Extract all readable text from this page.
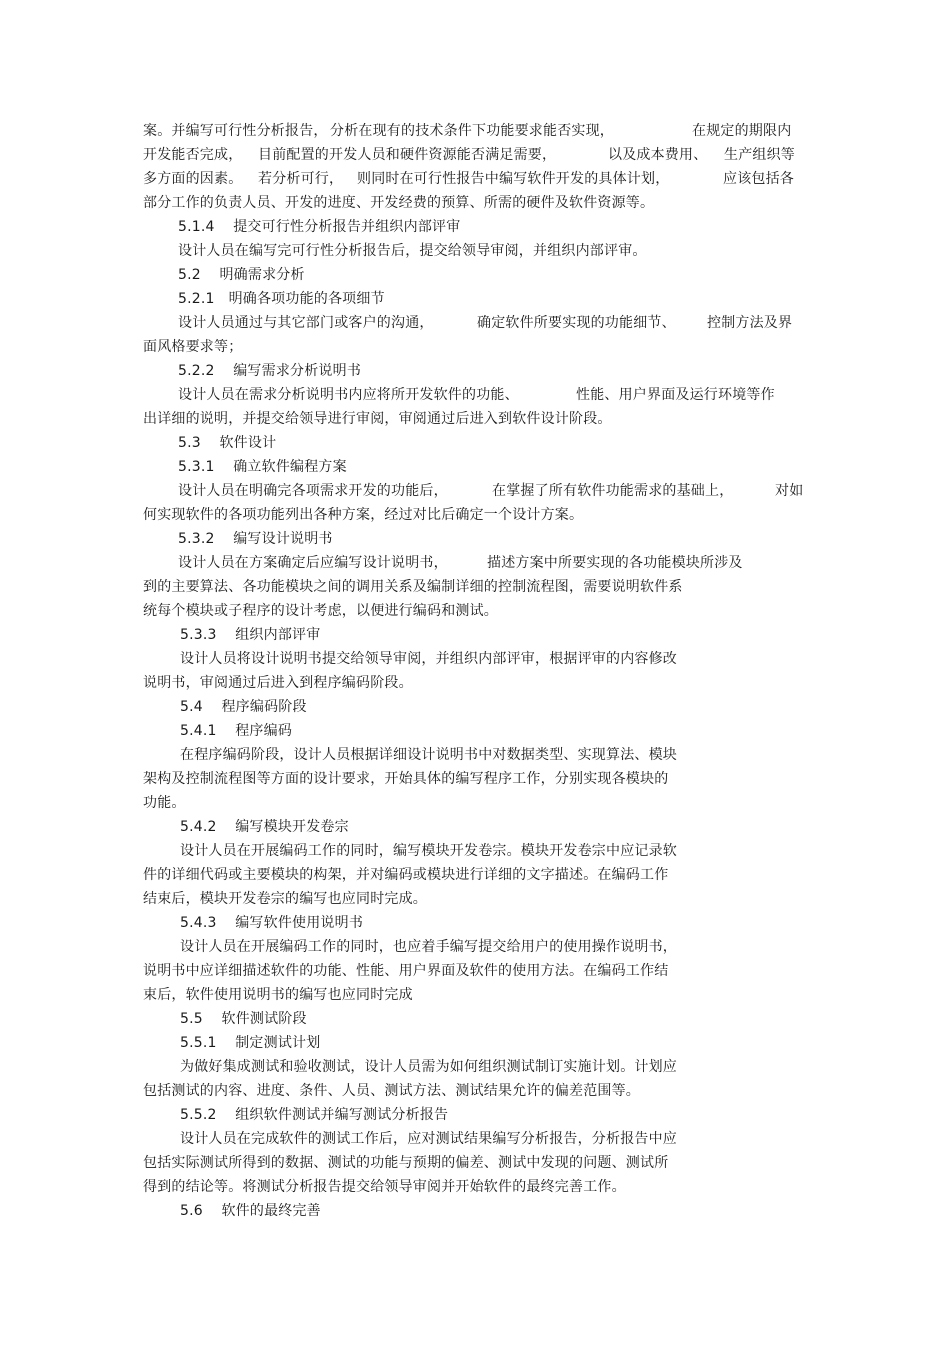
案。并编写可行性分析报告， 分析在现有的技术条件下功能要求能否实现，	在规定的期限内
开发能否完成， 目前配置的开发人员和硬件资源能否满足需要，	以及成本费用、 生产组织等
多方面的因素。 若分析可行， 则同时在可行性报告中编写软件开发的具体计划，	应该包括各
部分工作的负责人员、开发的进度、开发经费的预算、所需的硬件及软件资源等。
5.1.4    提交可行性分析报告并组织内部评审
设计人员在编写完可行性分析报告后，提交给领导审阅，并组织内部评审。
5.2    明确需求分析
5.2.1   明确各项功能的各项细节
设计人员通过与其它部门或客户的沟通，	确定软件所要实现的功能细节、 控制方法及界
面风格要求等；
5.2.2    编写需求分析说明书
设计人员在需求分析说明书内应将所开发软件的功能、	性能、用户界面及运行环境等作
出详细的说明，并提交给领导进行审阅，审阅通过后进入到软件设计阶段。
5.3    软件设计
5.3.1    确立软件编程方案
设计人员在明确完各项需求开发的功能后，	在掌握了所有软件功能需求的基础上，	对如
何实现软件的各项功能列出各种方案，经过对比后确定一个设计方案。
5.3.2    编写设计说明书
设计人员在方案确定后应编写设计说明书，	描述方案中所要实现的各功能模块所涉及
到的主要算法、各功能模块之间的调用关系及编制详细的控制流程图，需要说明软件系
统每个模块或子程序的设计考虑，以便进行编码和测试。
5.3.3    组织内部评审
设计人员将设计说明书提交给领导审阅，并组织内部评审，根据评审的内容修改
说明书，审阅通过后进入到程序编码阶段。
5.4    程序编码阶段
5.4.1    程序编码
在程序编码阶段，设计人员根据详细设计说明书中对数据类型、实现算法、模块
架构及控制流程图等方面的设计要求，开始具体的编写程序工作，分别实现各模块的
功能。
5.4.2    编写模块开发卷宗
设计人员在开展编码工作的同时，编写模块开发卷宗。模块开发卷宗中应记录软
件的详细代码或主要模块的构架，并对编码或模块进行详细的文字描述。在编码工作
结束后，模块开发卷宗的编写也应同时完成。
5.4.3    编写软件使用说明书
设计人员在开展编码工作的同时，也应着手编写提交给用户的使用操作说明书，
说明书中应详细描述软件的功能、性能、用户界面及软件的使用方法。在编码工作结
束后，软件使用说明书的编写也应同时完成
5.5    软件测试阶段
5.5.1    制定测试计划
为做好集成测试和验收测试，设计人员需为如何组织测试制订实施计划。计划应
包括测试的内容、进度、条件、人员、测试方法、测试结果允许的偏差范围等。
5.5.2    组织软件测试并编写测试分析报告
设计人员在完成软件的测试工作后，应对测试结果编写分析报告，分析报告中应
包括实际测试所得到的数据、测试的功能与预期的偏差、测试中发现的问题、测试所
得到的结论等。将测试分析报告提交给领导审阅并开始软件的最终完善工作。
5.6    软件的最终完善
